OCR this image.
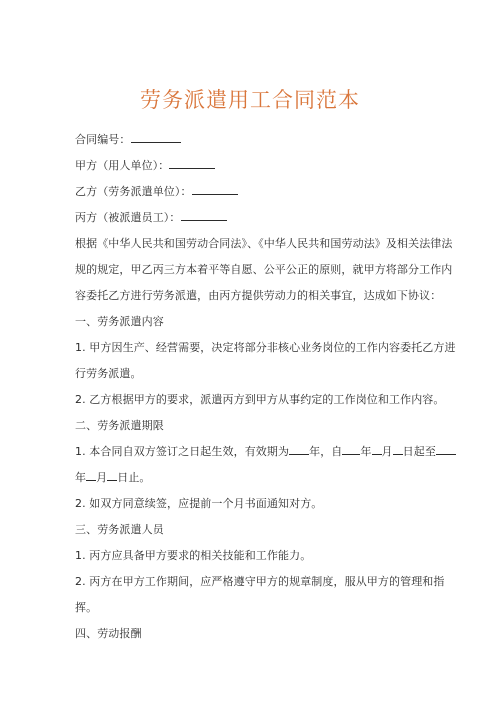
劳务派遣用工合同范本
合同编号：
甲方（用人单位）：
乙方（劳务派遣单位）：
丙方（被派遣员工）：
根据《中华人民共和国劳动合同法》、《中华人民共和国劳动法》及相关法律法
规的规定，甲乙丙三方本着平等自愿、公平公正的原则，就甲方将部分工作内
容委托乙方进行劳务派遣，由丙方提供劳动力的相关事宜，达成如下协议：
一、劳务派遣内容
1. 甲方因生产、经营需要，决定将部分非核心业务岗位的工作内容委托乙方进
行劳务派遣。
2. 乙方根据甲方的要求，派遣丙方到甲方从事约定的工作岗位和工作内容。
二、劳务派遣期限
1. 本合同自双方签订之日起生效，有效期为 年，自 年 月 日起至
年 月 日止。
2. 如双方同意续签，应提前一个月书面通知对方。
三、劳务派遣人员
1. 丙方应具备甲方要求的相关技能和工作能力。
2. 丙方在甲方工作期间，应严格遵守甲方的规章制度，服从甲方的管理和指
挥。
四、劳动报酬
